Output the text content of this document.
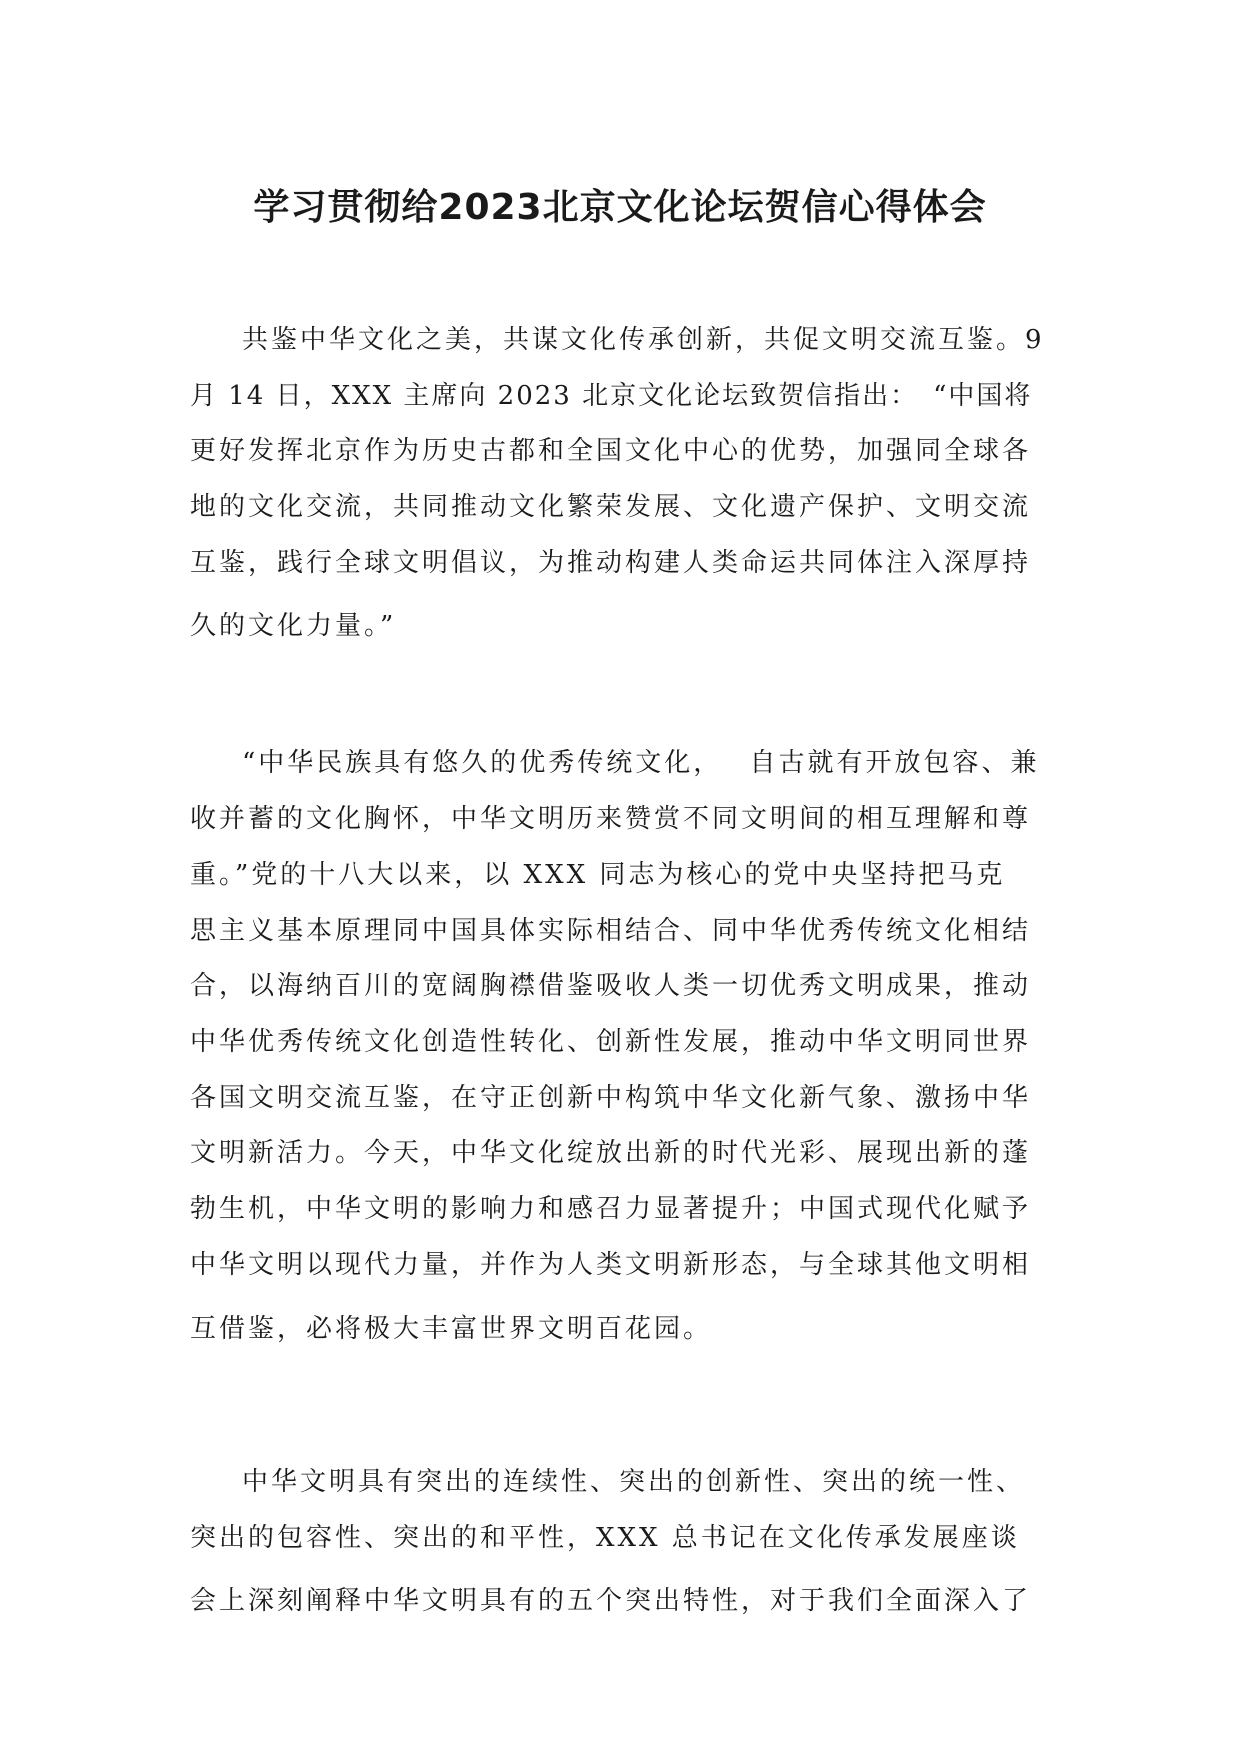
学习贯彻给2023北京文化论坛贺信心得体会

共鉴中华文化之美，共谋文化传承创新，共促文明交流互鉴。9

月 14 日，XXX 主席向 2023 北京文化论坛致贺信指出：　“中国将

更好发挥北京作为历史古都和全国文化中心的优势，加强同全球各

地的文化交流，共同推动文化繁荣发展、文化遗产保护、文明交流

互鉴，践行全球文明倡议，为推动构建人类命运共同体注入深厚持

久的文化力量。”

“中华民族具有悠久的优秀传统文化，　 自古就有开放包容、兼

收并蓄的文化胸怀，中华文明历来赞赏不同文明间的相互理解和尊

重。”党的十八大以来，以 XXX 同志为核心的党中央坚持把马克

思主义基本原理同中国具体实际相结合、同中华优秀传统文化相结

合，以海纳百川的宽阔胸襟借鉴吸收人类一切优秀文明成果，推动

中华优秀传统文化创造性转化、创新性发展，推动中华文明同世界

各国文明交流互鉴，在守正创新中构筑中华文化新气象、激扬中华

文明新活力。今天，中华文化绽放出新的时代光彩、展现出新的蓬

勃生机，中华文明的影响力和感召力显著提升；中国式现代化赋予

中华文明以现代力量，并作为人类文明新形态，与全球其他文明相

互借鉴，必将极大丰富世界文明百花园。

中华文明具有突出的连续性、突出的创新性、突出的统一性、

突出的包容性、突出的和平性，XXX 总书记在文化传承发展座谈

会上深刻阐释中华文明具有的五个突出特性，对于我们全面深入了
